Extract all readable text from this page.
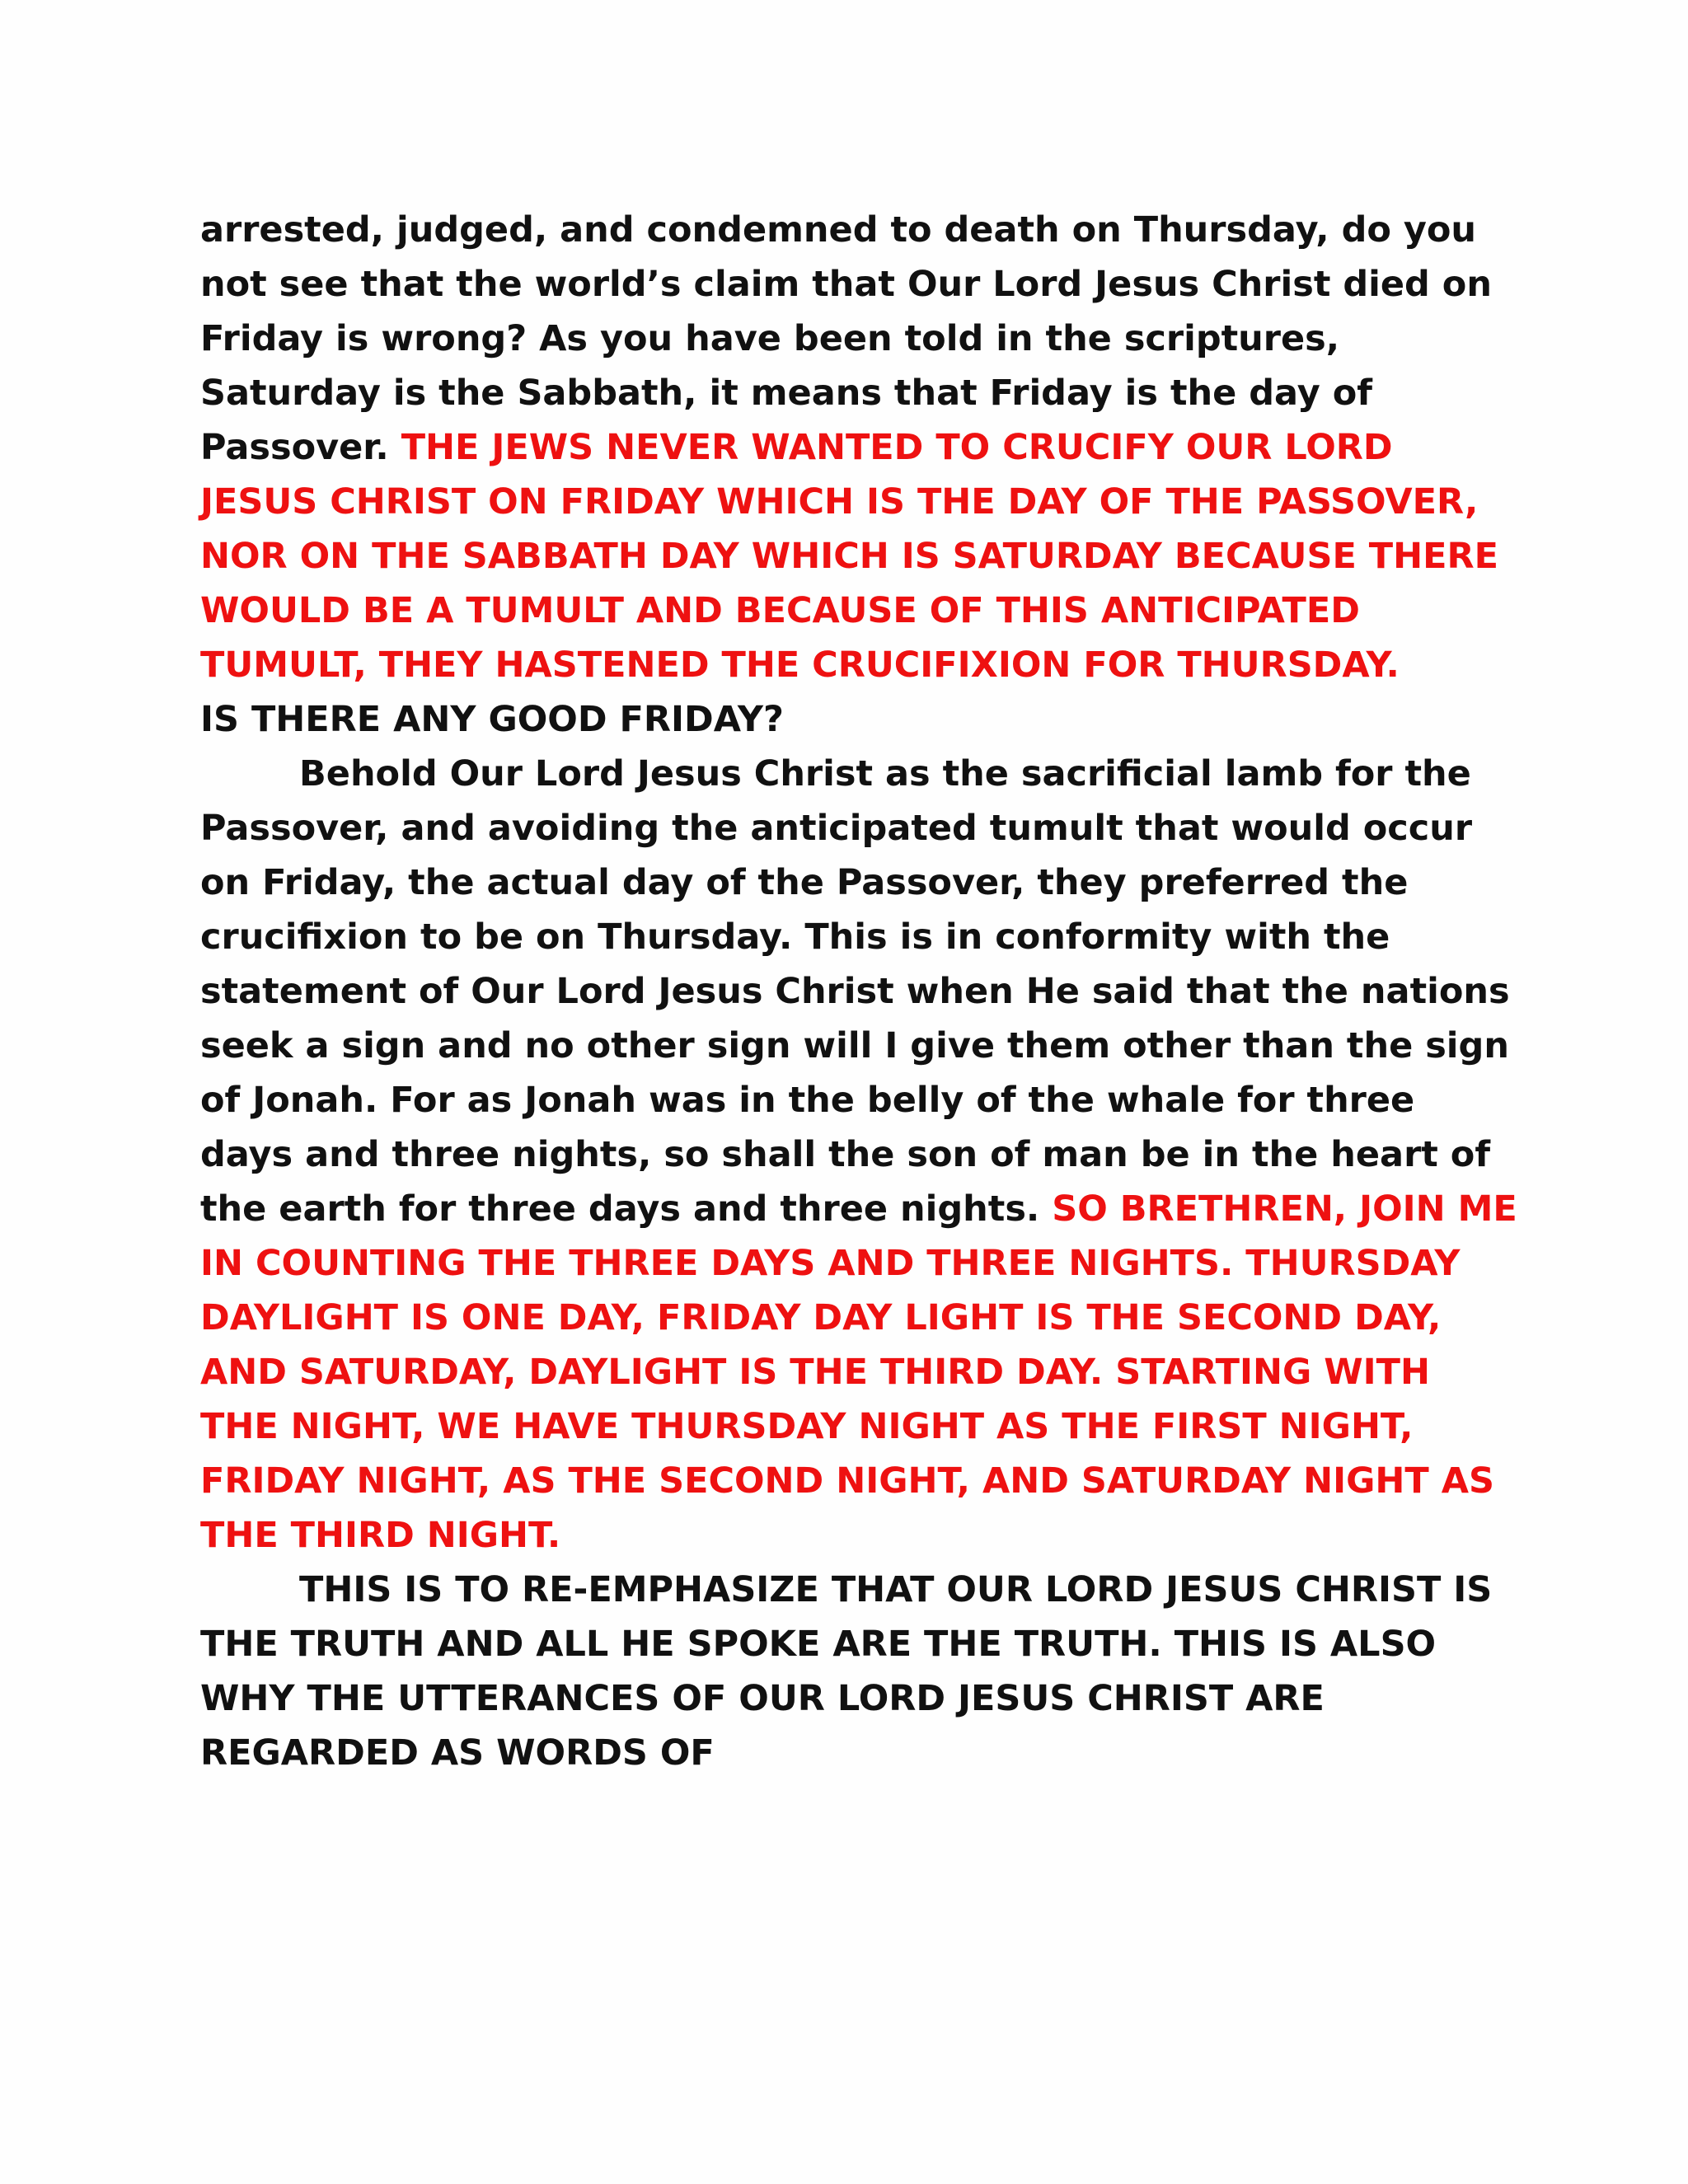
arrested, judged, and condemned to death on Thursday, do you not see that the world’s claim that Our Lord Jesus Christ died on Friday is wrong? As you have been told in the scriptures, Saturday is the Sabbath, it means that Friday is the day of Passover. THE JEWS NEVER WANTED TO CRUCIFY OUR LORD JESUS CHRIST ON FRIDAY WHICH IS THE DAY OF THE PASSOVER, NOR ON THE SABBATH DAY WHICH IS SATURDAY BECAUSE THERE WOULD BE A TUMULT AND BECAUSE OF THIS ANTICIPATED TUMULT, THEY HASTENED THE CRUCIFIXION FOR THURSDAY.

IS THERE ANY GOOD FRIDAY?

Behold Our Lord Jesus Christ as the sacrificial lamb for the Passover, and avoiding the anticipated tumult that would occur on Friday, the actual day of the Passover, they preferred the crucifixion to be on Thursday. This is in conformity with the statement of Our Lord Jesus Christ when He said that the nations seek a sign and no other sign will I give them other than the sign of Jonah. For as Jonah was in the belly of the whale for three days and three nights, so shall the son of man be in the heart of the earth for three days and three nights. SO BRETHREN, JOIN ME IN COUNTING THE THREE DAYS AND THREE NIGHTS. THURSDAY DAYLIGHT IS ONE DAY, FRIDAY DAY LIGHT IS THE SECOND DAY, AND SATURDAY, DAYLIGHT IS THE THIRD DAY. STARTING WITH THE NIGHT, WE HAVE THURSDAY NIGHT AS THE FIRST NIGHT, FRIDAY NIGHT, AS THE SECOND NIGHT, AND SATURDAY NIGHT AS THE THIRD NIGHT.

THIS IS TO RE-EMPHASIZE THAT OUR LORD JESUS CHRIST IS THE TRUTH AND ALL HE SPOKE ARE THE TRUTH. THIS IS ALSO WHY THE UTTERANCES OF OUR LORD JESUS CHRIST ARE REGARDED AS WORDS OF
